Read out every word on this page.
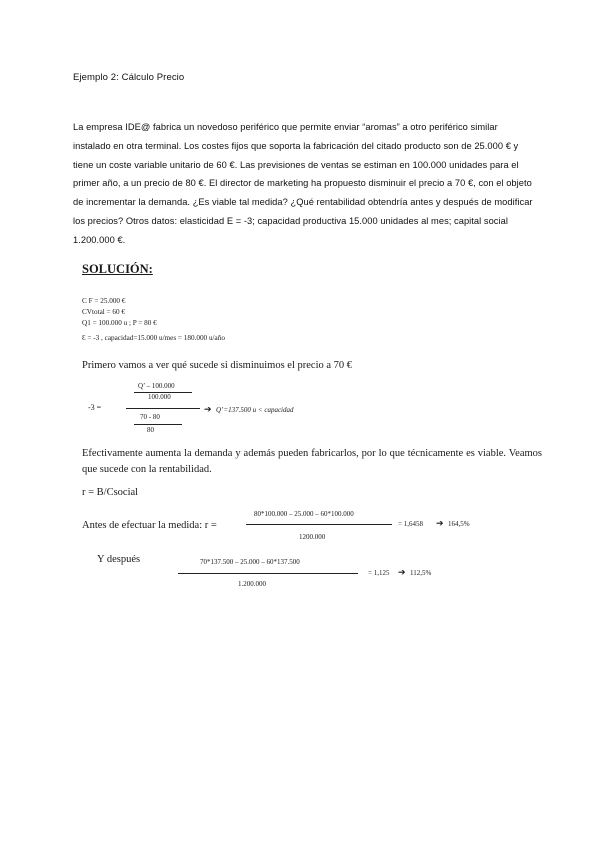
Ejemplo 2: Cálculo Precio
La empresa IDE@ fabrica un novedoso periférico que permite enviar “aromas” a otro periférico similar instalado en otra terminal. Los costes fijos que soporta la fabricación del citado producto son de 25.000 € y tiene un coste variable unitario de 60 €. Las previsiones de ventas se estiman en 100.000 unidades para el primer año, a un precio de 80 €. El director de marketing ha propuesto disminuir el precio a 70 €, con el objeto de incrementar la demanda. ¿Es viable tal medida? ¿Qué rentabilidad obtendría antes y después de modificar los precios? Otros datos: elasticidad E = -3; capacidad productiva 15.000 unidades al mes; capital social 1.200.000 €.
SOLUCIÓN:
C F = 25.000 €
CVtotal = 60 €
Q1 = 100.000 u ; P = 80 €
Ɛ = -3 , capacidad=15.000 u/mes = 180.000 u/año
Primero vamos a ver qué sucede si disminuimos el precio a 70 €
-3 =
Q’ – 100.000
100.000
70 - 80
80
➔ Q’=137.500 u < capacidad
Efectivamente aumenta la demanda y además pueden fabricarlos, por lo que técnicamente es viable. Veamos que sucede con la rentabilidad.
r = B/Csocial
Antes de efectuar la medida: r =
80*100.000 – 25.000 – 60*100.000
1200.000
= 1,6458 ➔ 164,5%
Y después	70*137.500 – 25.000 – 60*137.500
1.200.000
= 1,125 ➔ 112,5%
